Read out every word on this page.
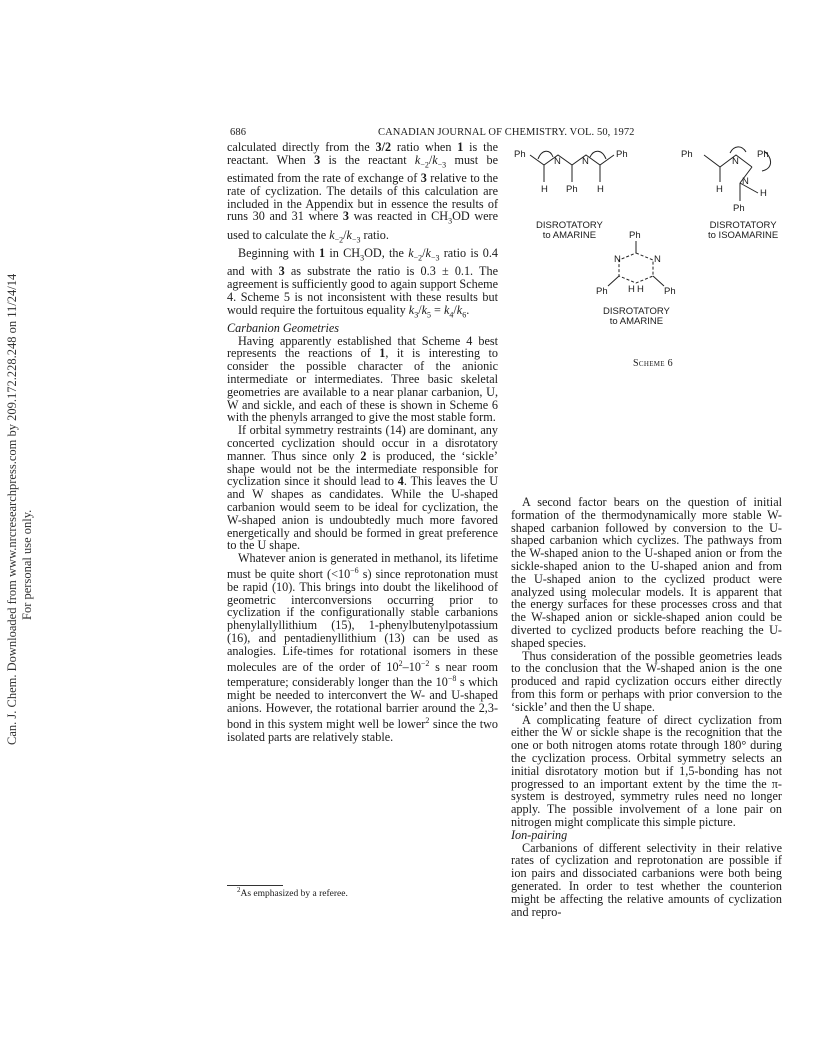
Can. J. Chem. Downloaded from www.nrcresearchpress.com by 209.172.228.248 on 11/24/14 For personal use only.
686	CANADIAN JOURNAL OF CHEMISTRY. VOL. 50, 1972

calculated directly from the 3/2 ratio when 1 is the reactant. When 3 is the reactant $k_{-2}/k_{-3}$ must be estimated from the rate of exchange of 3 relative to the rate of cyclization. The details of this calculation are included in the Appendix but in essence the results of runs 30 and 31 where 3 was reacted in $CH_3OD$ were used to calculate the $k_{-2}/k_{-3}$ ratio.

Beginning with 1 in $CH_3OD$, the $k_{-2}/k_{-3}$ ratio is 0.4 and with 3 as substrate the ratio is 0.3 ± 0.1. The agreement is sufficiently good to again support Scheme 4. Scheme 5 is not inconsistent with these results but would require the fortuitous equality $k_3/k_5 = k_4/k_6$.

Carbanion Geometries

Having apparently established that Scheme 4 best represents the reactions of 1, it is interesting to consider the possible character of the anionic intermediate or intermediates. Three basic skeletal geometries are available to a near planar carbanion, U, W and sickle, and each of these is shown in Scheme 6 with the phenyls arranged to give the most stable form.

If orbital symmetry restraints (14) are dominant, any concerted cyclization should occur in a disrotatory manner. Thus since only 2 is produced, the ‘sickle’ shape would not be the intermediate responsible for cyclization since it should lead to 4. This leaves the U and W shapes as candidates. While the U-shaped carbanion would seem to be ideal for cyclization, the W-shaped anion is undoubtedly much more favored energetically and should be formed in great preference to the U shape.

Whatever anion is generated in methanol, its lifetime must be quite short ($<10^{-6}$ s) since reprotonation must be rapid (10). This brings into doubt the likelihood of geometric interconversions occurring prior to cyclization if the configurationally stable carbanions phenylallyllithium (15), 1-phenylbutenylpotassium (16), and pentadienyllithium (13) can be used as analogies. Life-times for rotational isomers in these molecules are of the order of $10^2-10^{-2}$ s near room temperature; considerably longer than the $10^{-8}$ s which might be needed to interconvert the W- and U-shaped anions. However, the rotational barrier around the 2,3-bond in this system might well be lower$^2$ since the two isolated parts are relatively stable.

$^2$As emphasized by a referee.
Ph
N N
Ph
H Ph H
Ph
N
Ph
H
N
H
Ph
DISROTATORY
to AMARINE
DISROTATORY
to ISOAMARINE
Ph
N	N
Ph H H Ph
DISROTATORY
to AMARINE
Scheme 6

A second factor bears on the question of initial formation of the thermodynamically more stable W-shaped carbanion followed by conversion to the U-shaped carbanion which cyclizes. The pathways from the W-shaped anion to the U-shaped anion or from the sickle-shaped anion to the U-shaped anion and from the U-shaped anion to the cyclized product were analyzed using molecular models. It is apparent that the energy surfaces for these processes cross and that the W-shaped anion or sickle-shaped anion could be diverted to cyclized products before reaching the U-shaped species.

Thus consideration of the possible geometries leads to the conclusion that the W-shaped anion is the one produced and rapid cyclization occurs either directly from this form or perhaps with prior conversion to the ‘sickle’ and then the U shape.

A complicating feature of direct cyclization from either the W or sickle shape is the recognition that the one or both nitrogen atoms rotate through 180° during the cyclization process. Orbital symmetry selects an initial disrotatory motion but if 1,5-bonding has not progressed to an important extent by the time the π-system is destroyed, symmetry rules need no longer apply. The possible involvement of a lone pair on nitrogen might complicate this simple picture.

Ion-pairing

Carbanions of different selectivity in their relative rates of cyclization and reprotonation are possible if ion pairs and dissociated carbanions were both being generated. In order to test whether the counterion might be affecting the relative amounts of cyclization and repro-
